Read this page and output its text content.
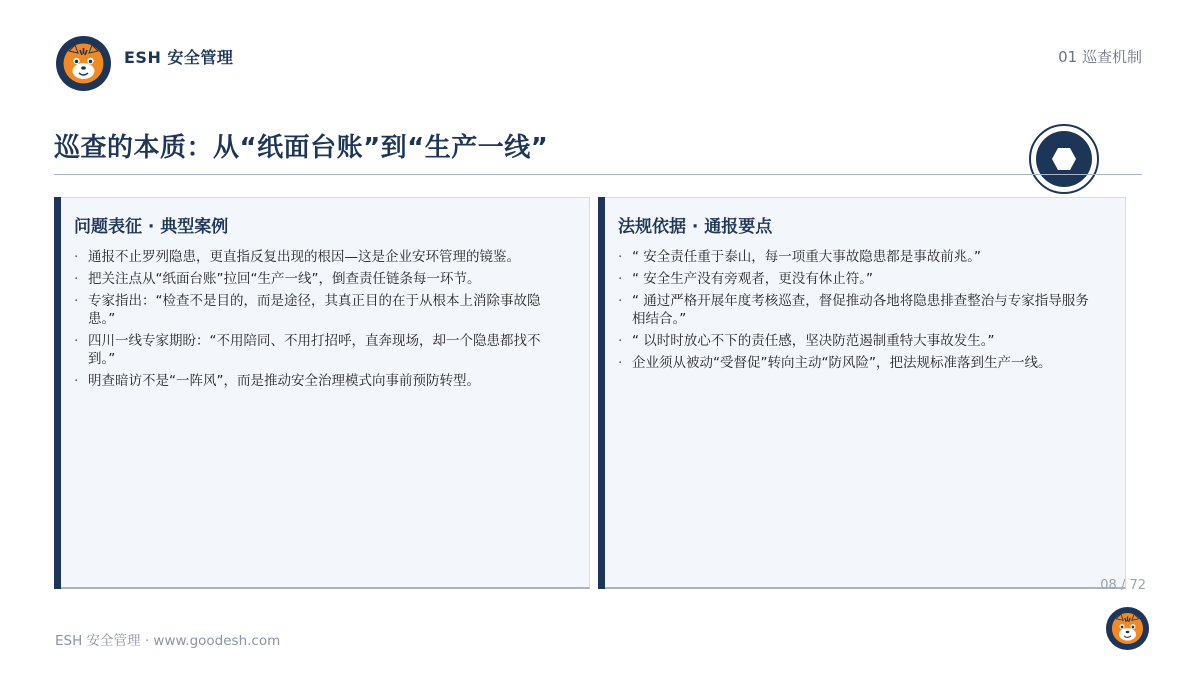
ESH 安全管理	01 巡查机制
巡查的本质：从“纸面台账”到“生产一线”
问题表征 · 典型案例
· 通报不止罗列隐患，更直指反复出现的根因—这是企业安环管理的镜鉴。
· 把关注点从“纸面台账”拉回“生产一线”，倒查责任链条每一环节。
· 专家指出：“检查不是目的，而是途径，其真正目的在于从根本上消除事故隐患。”
· 四川一线专家期盼：“不用陪同、不用打招呼，直奔现场，却一个隐患都找不到。”
· 明查暗访不是“一阵风”，而是推动安全治理模式向事前预防转型。
法规依据 · 通报要点
· “ 安全责任重于泰山，每一项重大事故隐患都是事故前兆。”
· “ 安全生产没有旁观者，更没有休止符。”
· “ 通过严格开展年度考核巡查，督促推动各地将隐患排查整治与专家指导服务相结合。”
· “ 以时时放心不下的责任感，坚决防范遏制重特大事故发生。”
· 企业须从被动“受督促”转向主动“防风险”，把法规标准落到生产一线。
08 / 72
ESH 安全管理 · www.goodesh.com
